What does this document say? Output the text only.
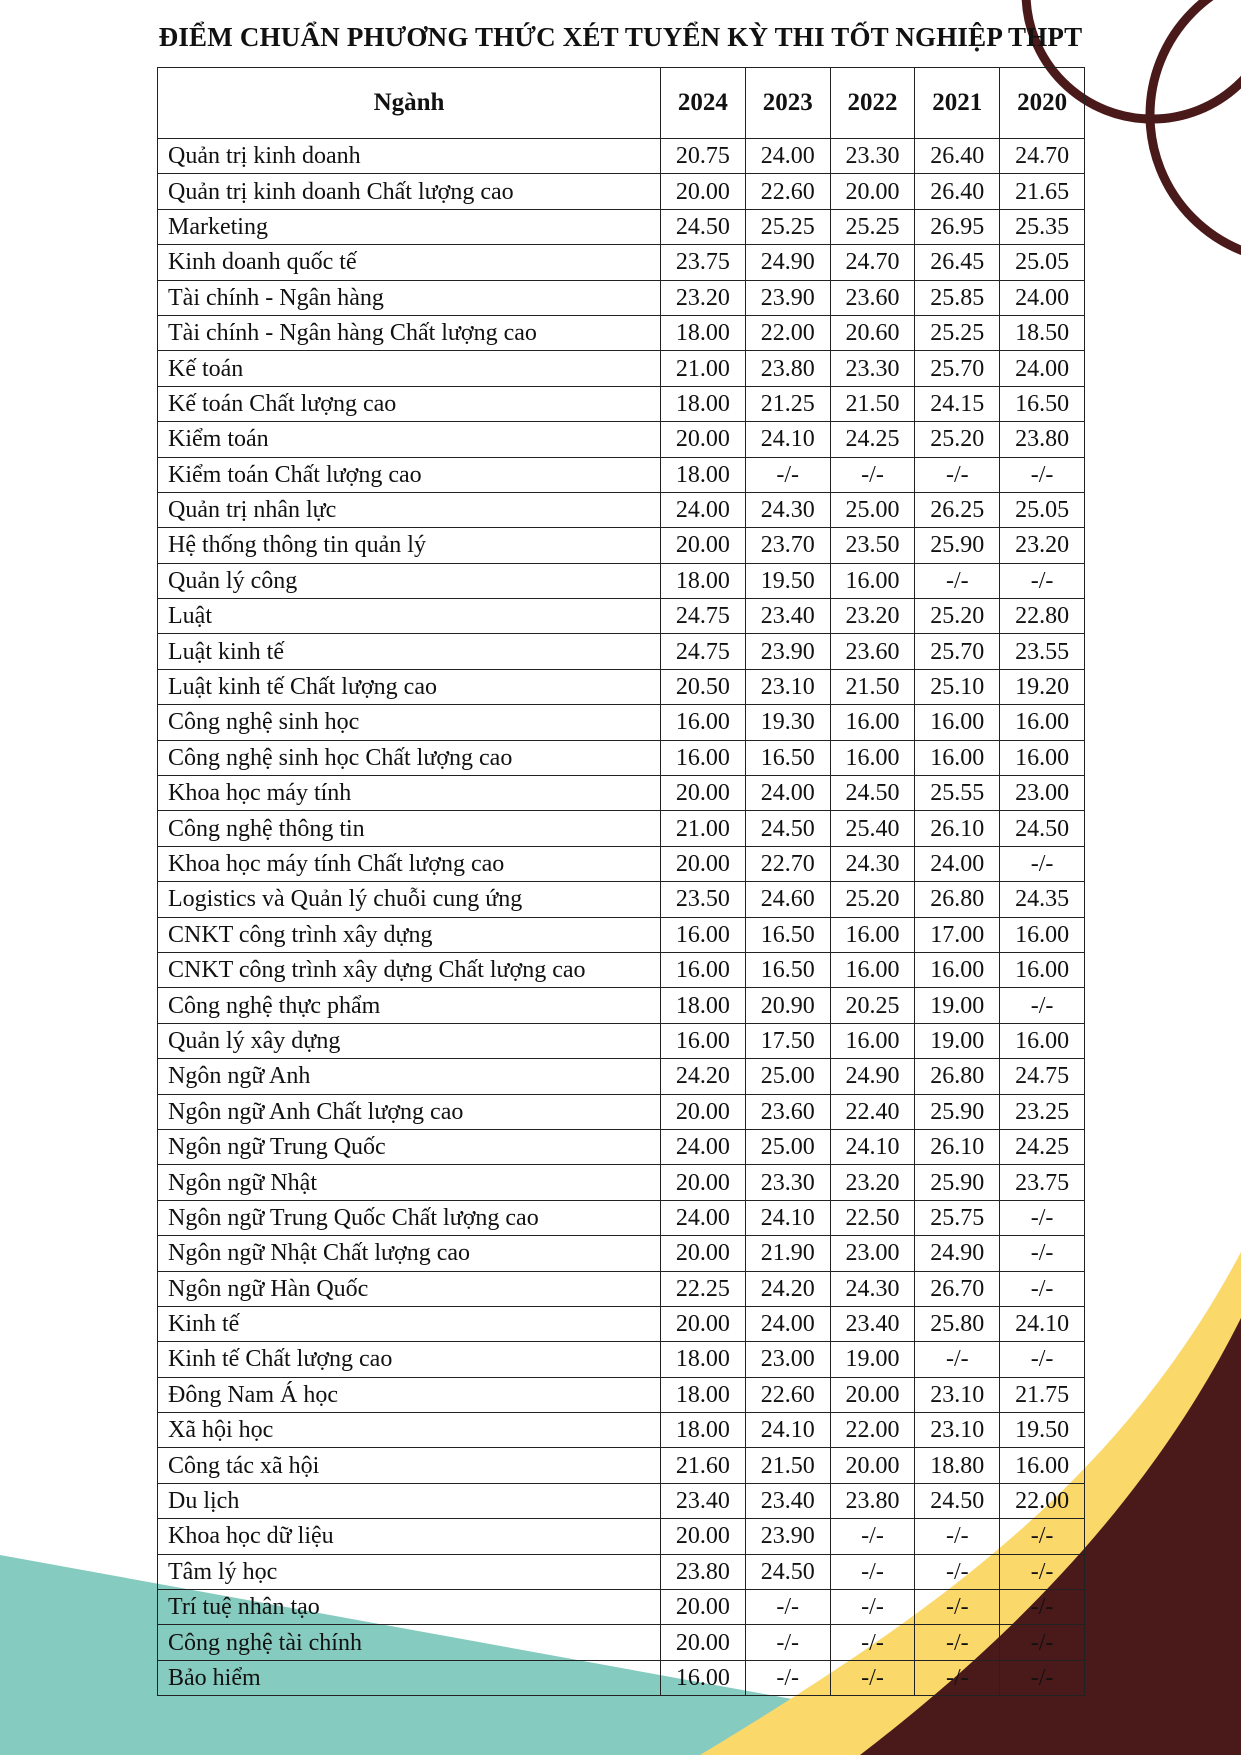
ĐIỂM CHUẨN PHƯƠNG THỨC XÉT TUYỂN KỲ THI TỐT NGHIỆP THPT
Ngành	2024	2023	2022	2021	2020
Quản trị kinh doanh	20.75	24.00	23.30	26.40	24.70
Quản trị kinh doanh Chất lượng cao	20.00	22.60	20.00	26.40	21.65
Marketing	24.50	25.25	25.25	26.95	25.35
Kinh doanh quốc tế	23.75	24.90	24.70	26.45	25.05
Tài chính - Ngân hàng	23.20	23.90	23.60	25.85	24.00
Tài chính - Ngân hàng Chất lượng cao	18.00	22.00	20.60	25.25	18.50
Kế toán	21.00	23.80	23.30	25.70	24.00
Kế toán Chất lượng cao	18.00	21.25	21.50	24.15	16.50
Kiểm toán	20.00	24.10	24.25	25.20	23.80
Kiểm toán Chất lượng cao	18.00	-/-	-/-	-/-	-/-
Quản trị nhân lực	24.00	24.30	25.00	26.25	25.05
Hệ thống thông tin quản lý	20.00	23.70	23.50	25.90	23.20
Quản lý công	18.00	19.50	16.00	-/-	-/-
Luật	24.75	23.40	23.20	25.20	22.80
Luật kinh tế	24.75	23.90	23.60	25.70	23.55
Luật kinh tế Chất lượng cao	20.50	23.10	21.50	25.10	19.20
Công nghệ sinh học	16.00	19.30	16.00	16.00	16.00
Công nghệ sinh học Chất lượng cao	16.00	16.50	16.00	16.00	16.00
Khoa học máy tính	20.00	24.00	24.50	25.55	23.00
Công nghệ thông tin	21.00	24.50	25.40	26.10	24.50
Khoa học máy tính Chất lượng cao	20.00	22.70	24.30	24.00	-/-
Logistics và Quản lý chuỗi cung ứng	23.50	24.60	25.20	26.80	24.35
CNKT công trình xây dựng	16.00	16.50	16.00	17.00	16.00
CNKT công trình xây dựng Chất lượng cao	16.00	16.50	16.00	16.00	16.00
Công nghệ thực phẩm	18.00	20.90	20.25	19.00	-/-
Quản lý xây dựng	16.00	17.50	16.00	19.00	16.00
Ngôn ngữ Anh	24.20	25.00	24.90	26.80	24.75
Ngôn ngữ Anh Chất lượng cao	20.00	23.60	22.40	25.90	23.25
Ngôn ngữ Trung Quốc	24.00	25.00	24.10	26.10	24.25
Ngôn ngữ Nhật	20.00	23.30	23.20	25.90	23.75
Ngôn ngữ Trung Quốc Chất lượng cao	24.00	24.10	22.50	25.75	-/-
Ngôn ngữ Nhật Chất lượng cao	20.00	21.90	23.00	24.90	-/-
Ngôn ngữ Hàn Quốc	22.25	24.20	24.30	26.70	-/-
Kinh tế	20.00	24.00	23.40	25.80	24.10
Kinh tế Chất lượng cao	18.00	23.00	19.00	-/-	-/-
Đông Nam Á học	18.00	22.60	20.00	23.10	21.75
Xã hội học	18.00	24.10	22.00	23.10	19.50
Công tác xã hội	21.60	21.50	20.00	18.80	16.00
Du lịch	23.40	23.40	23.80	24.50	22.00
Khoa học dữ liệu	20.00	23.90	-/-	-/-	-/-
Tâm lý học	23.80	24.50	-/-	-/-	-/-
Trí tuệ nhân tạo	20.00	-/-	-/-	-/-	-/-
Công nghệ tài chính	20.00	-/-	-/-	-/-	-/-
Bảo hiểm	16.00	-/-	-/-	-/-	-/-
